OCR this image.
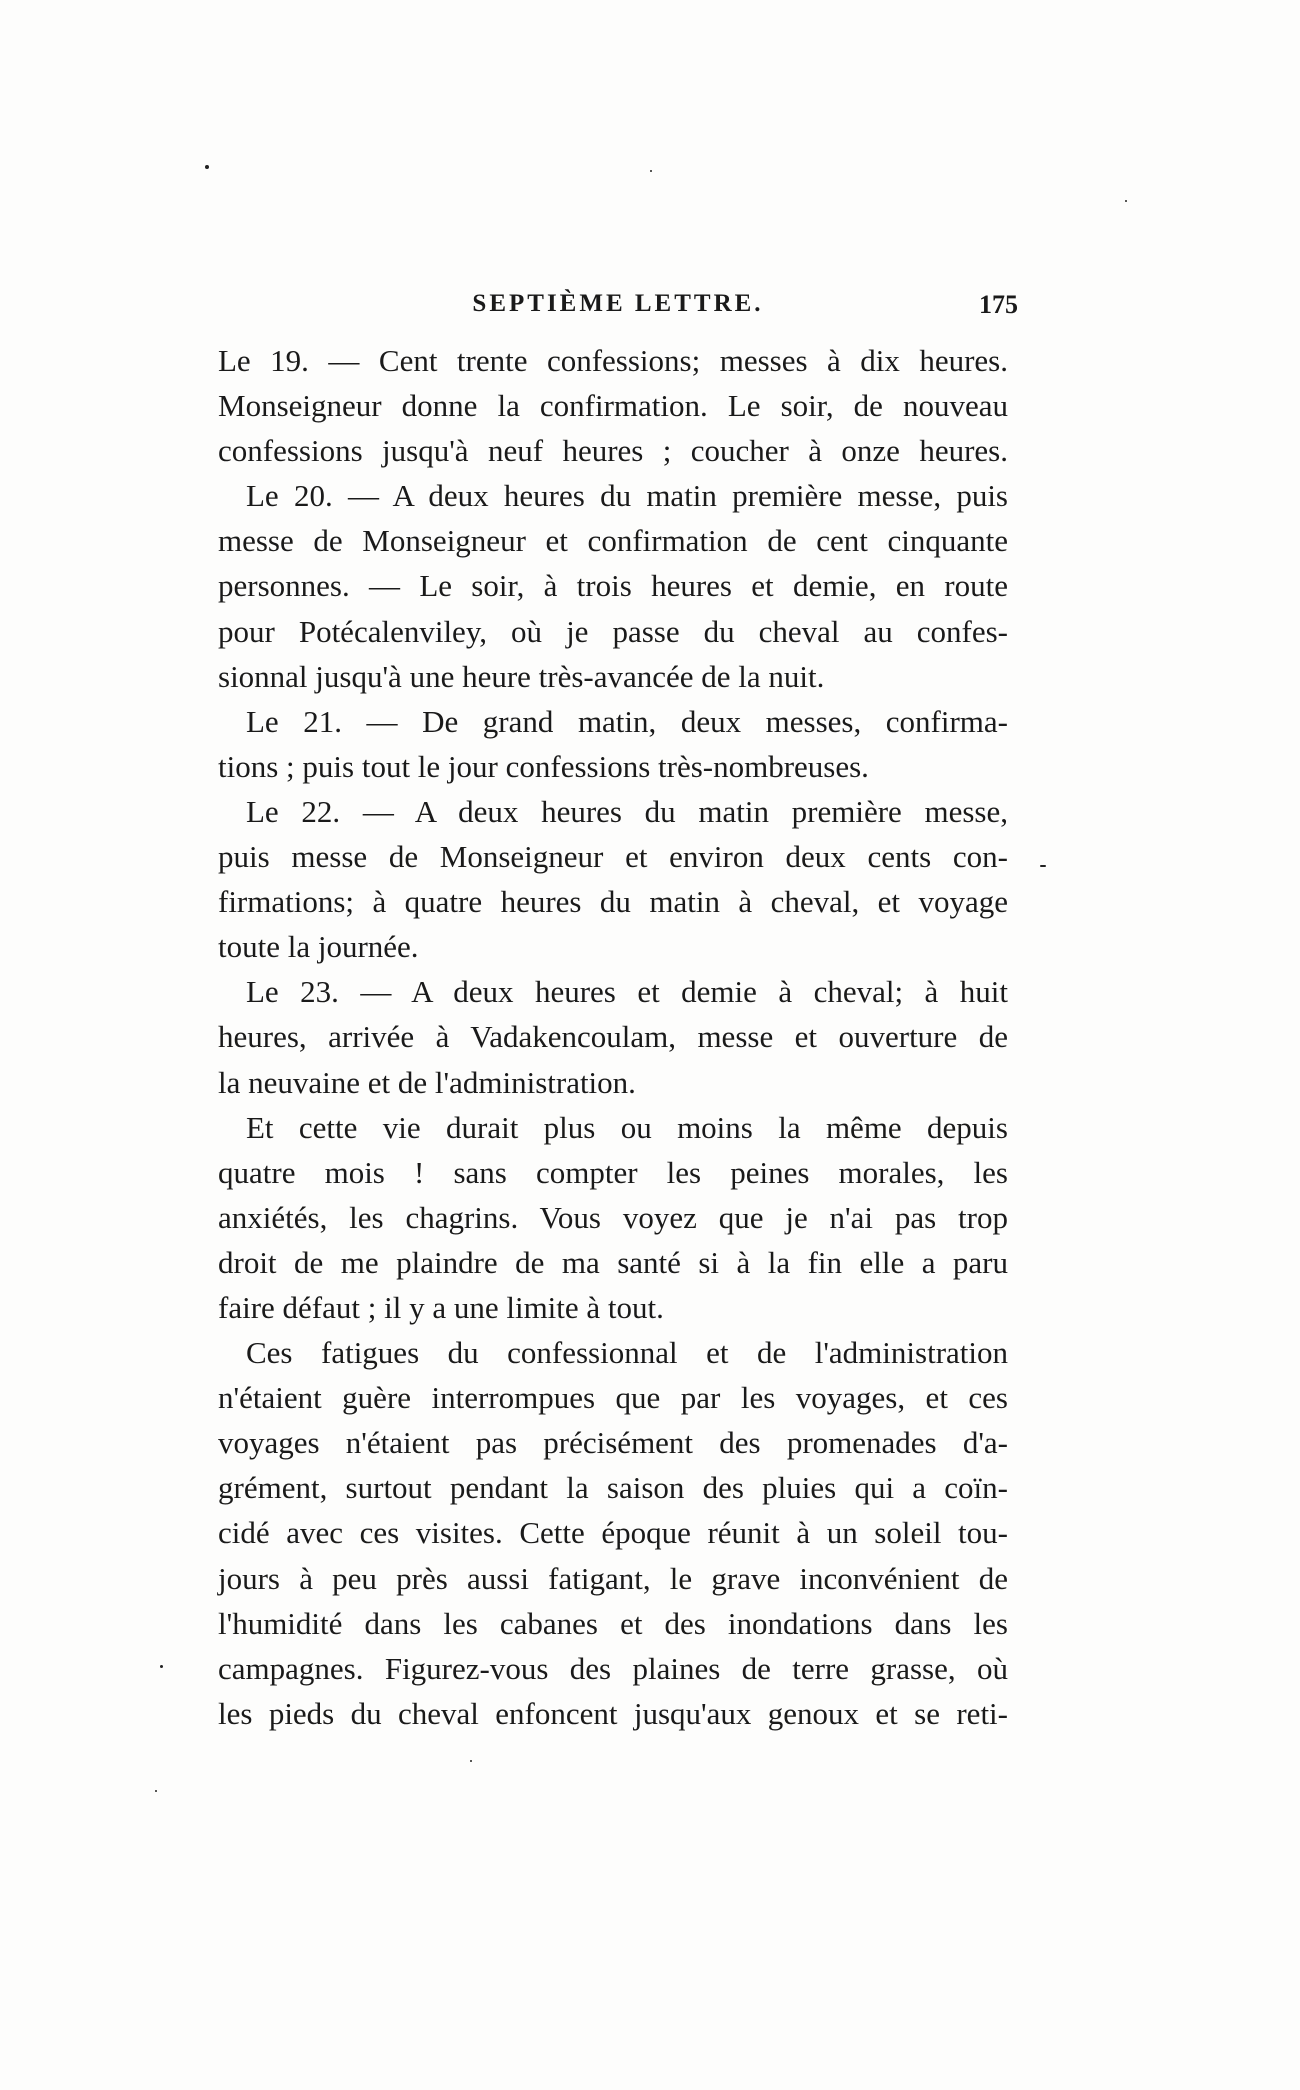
SEPTIÈME LETTRE.	175
Le 19. — Cent trente confessions; messes à dix heures.
Monseigneur donne la confirmation. Le soir, de nouveau
confessions jusqu'à neuf heures ; coucher à onze heures.
Le 20. — A deux heures du matin première messe, puis
messe de Monseigneur et confirmation de cent cinquante
personnes. — Le soir, à trois heures et demie, en route
pour Potécalenviley, où je passe du cheval au confes-
sionnal jusqu'à une heure très-avancée de la nuit.
Le 21. — De grand matin, deux messes, confirma-
tions ; puis tout le jour confessions très-nombreuses.
Le 22. — A deux heures du matin première messe,
puis messe de Monseigneur et environ deux cents con-
firmations; à quatre heures du matin à cheval, et voyage
toute la journée.
Le 23. — A deux heures et demie à cheval; à huit
heures, arrivée à Vadakencoulam, messe et ouverture de
la neuvaine et de l'administration.
Et cette vie durait plus ou moins la même depuis
quatre mois ! sans compter les peines morales, les
anxiétés, les chagrins. Vous voyez que je n'ai pas trop
droit de me plaindre de ma santé si à la fin elle a paru
faire défaut ; il y a une limite à tout.
Ces fatigues du confessionnal et de l'administration
n'étaient guère interrompues que par les voyages, et ces
voyages n'étaient pas précisément des promenades d'a-
grément, surtout pendant la saison des pluies qui a coïn-
cidé avec ces visites. Cette époque réunit à un soleil tou-
jours à peu près aussi fatigant, le grave inconvénient de
l'humidité dans les cabanes et des inondations dans les
campagnes. Figurez-vous des plaines de terre grasse, où
les pieds du cheval enfoncent jusqu'aux genoux et se reti-
